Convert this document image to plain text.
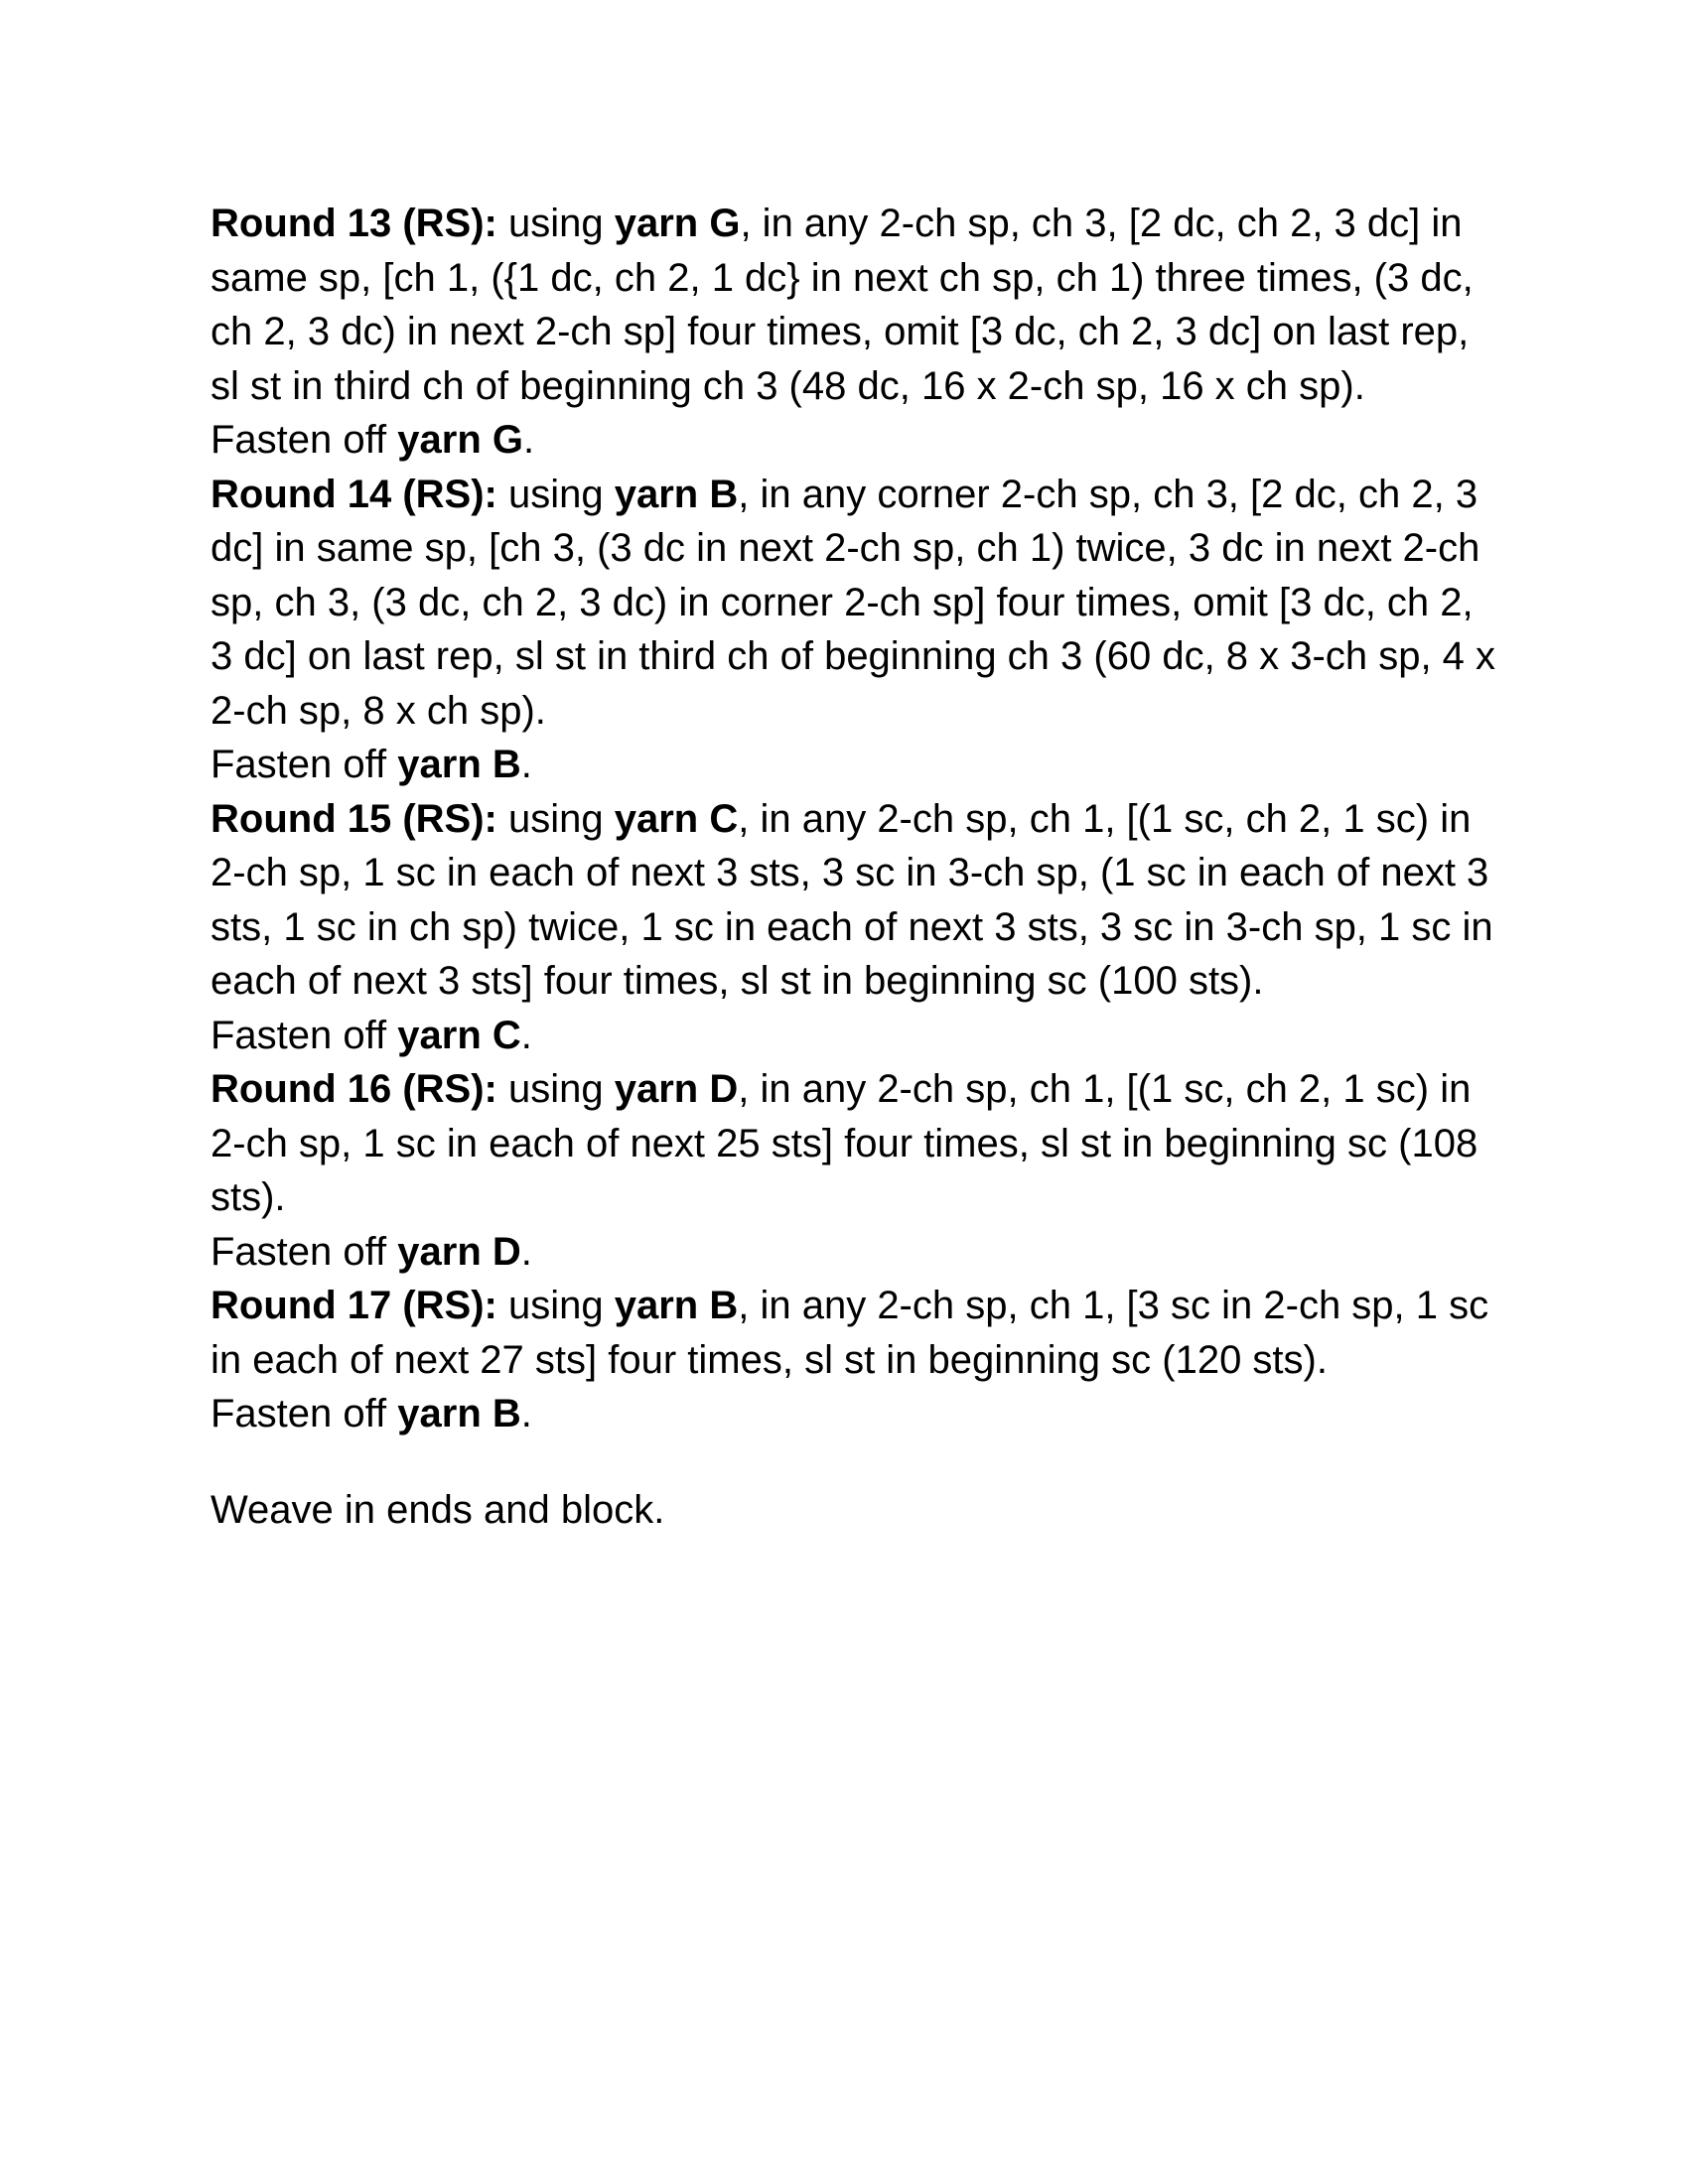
Round 13 (RS): using yarn G, in any 2-ch sp, ch 3, [2 dc, ch 2, 3 dc] in same sp, [ch 1, ({1 dc, ch 2, 1 dc} in next ch sp, ch 1) three times, (3 dc, ch 2, 3 dc) in next 2-ch sp] four times, omit [3 dc, ch 2, 3 dc] on last rep, sl st in third ch of beginning ch 3 (48 dc, 16 x 2-ch sp, 16 x ch sp).

Fasten off yarn G.

Round 14 (RS): using yarn B, in any corner 2-ch sp, ch 3, [2 dc, ch 2, 3 dc] in same sp, [ch 3, (3 dc in next 2-ch sp, ch 1) twice, 3 dc in next 2-ch sp, ch 3, (3 dc, ch 2, 3 dc) in corner 2-ch sp] four times, omit [3 dc, ch 2, 3 dc] on last rep, sl st in third ch of beginning ch 3 (60 dc, 8 x 3-ch sp, 4 x 2-ch sp, 8 x ch sp).

Fasten off yarn B.

Round 15 (RS): using yarn C, in any 2-ch sp, ch 1, [(1 sc, ch 2, 1 sc) in 2-ch sp, 1 sc in each of next 3 sts, 3 sc in 3-ch sp, (1 sc in each of next 3 sts, 1 sc in ch sp) twice, 1 sc in each of next 3 sts, 3 sc in 3-ch sp, 1 sc in each of next 3 sts] four times, sl st in beginning sc (100 sts).

Fasten off yarn C.

Round 16 (RS): using yarn D, in any 2-ch sp, ch 1, [(1 sc, ch 2, 1 sc) in 2-ch sp, 1 sc in each of next 25 sts] four times, sl st in beginning sc (108 sts).

Fasten off yarn D.

Round 17 (RS): using yarn B, in any 2-ch sp, ch 1, [3 sc in 2-ch sp, 1 sc in each of next 27 sts] four times, sl st in beginning sc (120 sts).

Fasten off yarn B.

Weave in ends and block.
